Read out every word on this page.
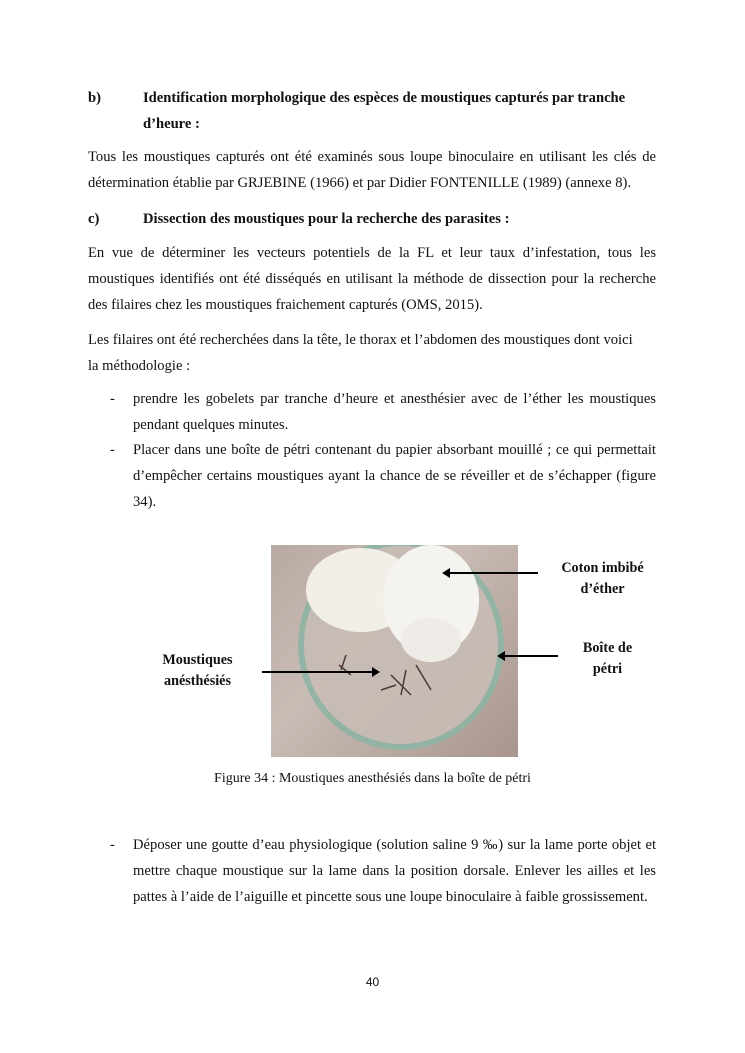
b)	Identification morphologique des espèces de moustiques capturés par tranche d’heure :
Tous les moustiques capturés ont été examinés sous loupe binoculaire en utilisant les clés de détermination établie par GRJEBINE (1966) et par Didier FONTENILLE (1989) (annexe 8).
c)	Dissection des moustiques pour la recherche des parasites :
En vue de déterminer les vecteurs potentiels de la FL et leur taux d’infestation, tous les moustiques identifiés ont été disséqués en utilisant la méthode de dissection pour la recherche des filaires chez les moustiques fraichement capturés (OMS, 2015).
Les filaires ont été recherchées dans la tête, le thorax et l’abdomen des moustiques dont voici
la méthodologie :
- prendre les gobelets par tranche d’heure et anesthésier avec de l’éther les moustiques pendant quelques minutes.
- Placer dans une boîte de pétri contenant du papier absorbant mouillé ; ce qui permettait d’empêcher certains moustiques ayant la chance de se réveiller et de s’échapper (figure 34).
Coton imbibé
d’éther
Boîte de
pétri
Moustiques
anésthésiés
Figure 34 : Moustiques anesthésiés dans la boîte de pétri
- Déposer une goutte d’eau physiologique (solution saline 9 ‰) sur la lame porte objet et mettre chaque moustique sur la lame dans la position dorsale. Enlever les ailles et les pattes à l’aide de l’aiguille et pincette sous une loupe binoculaire à faible grossissement.
40
